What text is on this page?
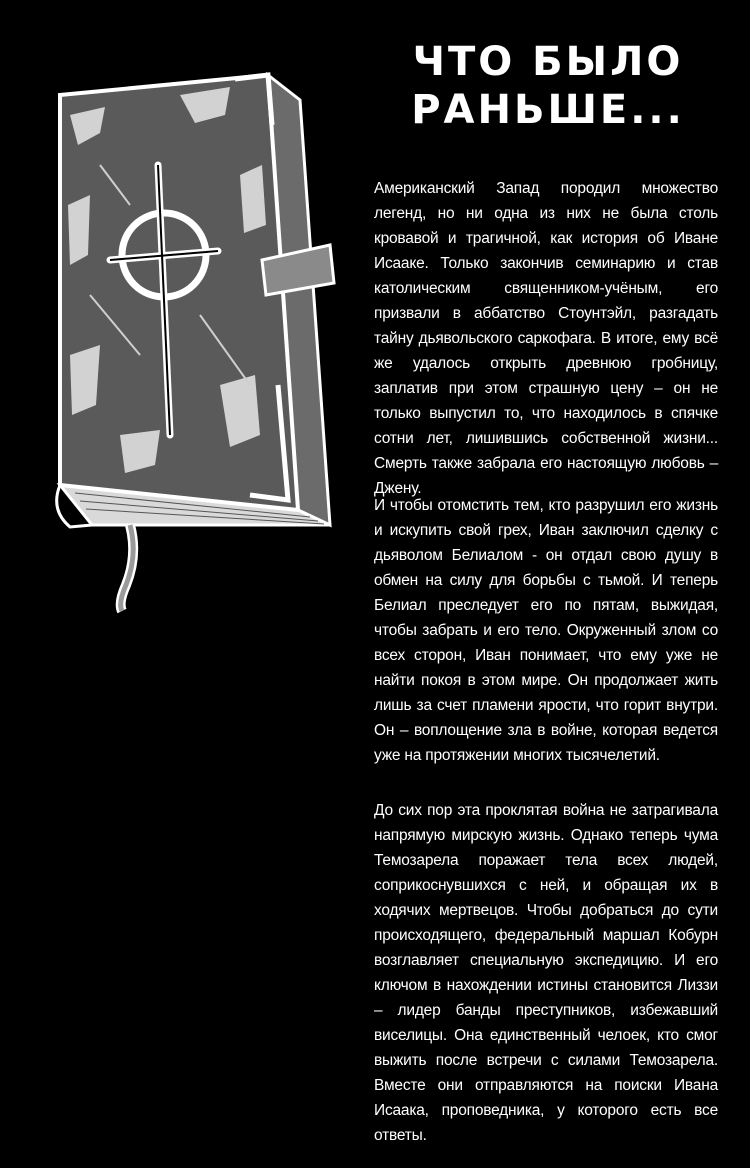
ЧТО БЫЛО
РАНЬШЕ...

Американский Запад породил множество легенд, но ни одна из них не была столь кровавой и трагичной, как история об Иване Исааке. Только закончив семинарию и став католическим священником-учёным, его призвали в аббатство Стоунтэйл, разгадать тайну дьявольского саркофага. В итоге, ему всё же удалось открыть древнюю гробницу, заплатив при этом страшную цену – он не только выпустил то, что находилось в спячке сотни лет, лишившись собственной жизни... Смерть также забрала его настоящую любовь – Джену.

И чтобы отомстить тем, кто разрушил его жизнь и искупить свой грех, Иван заключил сделку с дьяволом Белиалом - он отдал свою душу в обмен на силу для борьбы с тьмой. И теперь Белиал преследует его по пятам, выжидая, чтобы забрать и его тело. Окруженный злом со всех сторон, Иван понимает, что ему уже не найти покоя в этом мире. Он продолжает жить лишь за счет пламени ярости, что горит внутри. Он – воплощение зла в войне, которая ведется уже на протяжении многих тысячелетий.

До сих пор эта проклятая война не затрагивала напрямую мирскую жизнь. Однако теперь чума Темозарела поражает тела всех людей, соприкоснувшихся с ней, и обращая их в ходячих мертвецов. Чтобы добраться до сути происходящего, федеральный маршал Кобурн возглавляет специальную экспедицию. И его ключом в нахождении истины становится Лиззи – лидер банды преступников, избежавший виселицы. Она единственный челоек, кто смог выжить после встречи с силами Темозарела. Вместе они отправляются на поиски Ивана Исаака, проповедника, у которого есть все ответы.
